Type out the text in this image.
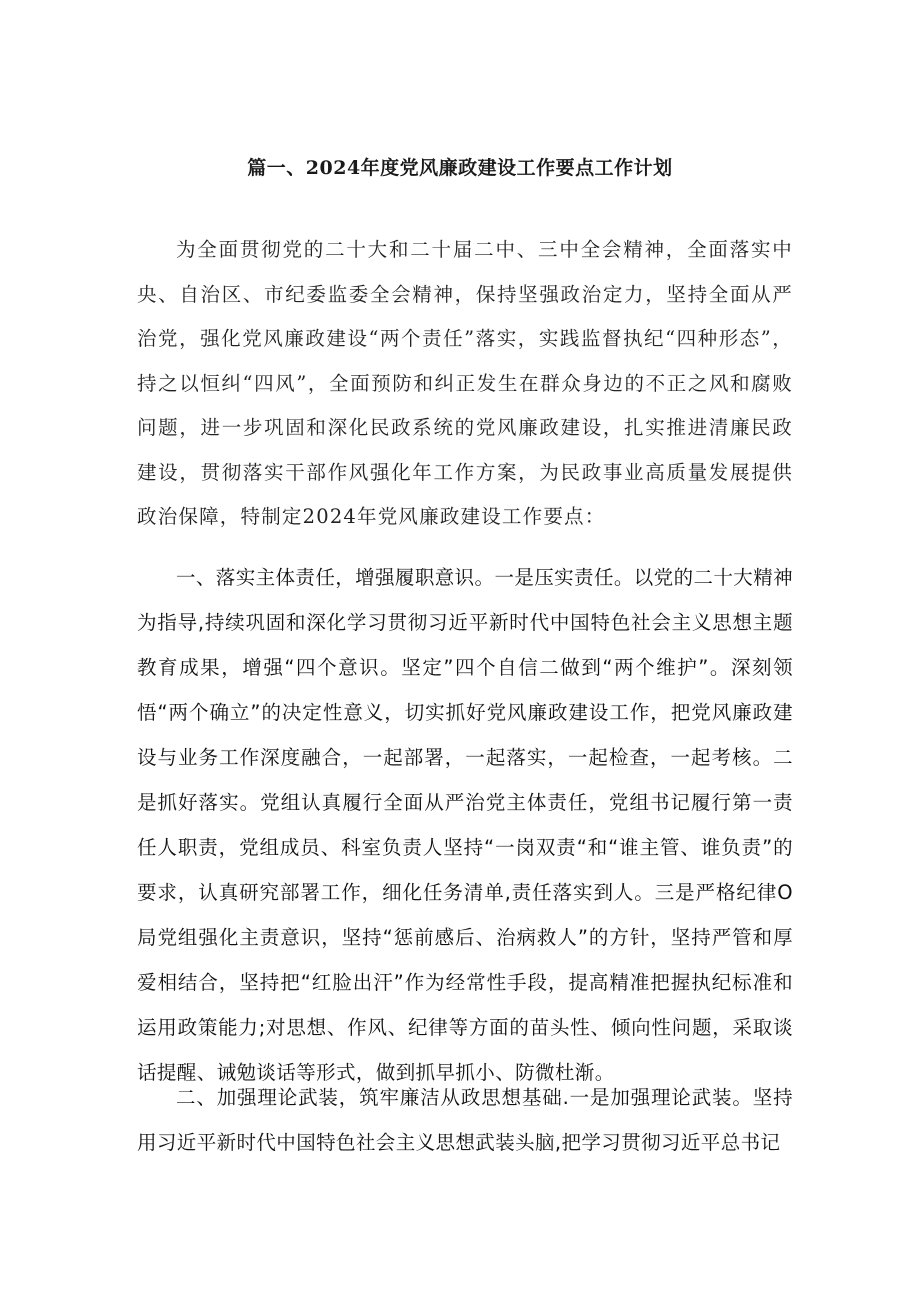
篇一、2024年度党风廉政建设工作要点工作计划

为全面贯彻党的二十大和二十届二中、三中全会精神，全面落实中央、自治区、市纪委监委全会精神，保持坚强政治定力，坚持全面从严治党，强化党风廉政建设“两个责任”落实，实践监督执纪“四种形态”，持之以恒纠“四风”，全面预防和纠正发生在群众身边的不正之风和腐败问题，进一步巩固和深化民政系统的党风廉政建设，扎实推进清廉民政建设，贯彻落实干部作风强化年工作方案，为民政事业高质量发展提供政治保障，特制定2024年党风廉政建设工作要点：

一、落实主体责任，增强履职意识。一是压实责任。以党的二十大精神为指导,持续巩固和深化学习贯彻习近平新时代中国特色社会主义思想主题教育成果，增强“四个意识。坚定”四个自信二做到“两个维护”。深刻领悟“两个确立”的决定性意义，切实抓好党风廉政建设工作，把党风廉政建设与业务工作深度融合，一起部署，一起落实，一起检查，一起考核。二是抓好落实。党组认真履行全面从严治党主体责任，党组书记履行第一责任人职责，党组成员、科室负责人坚持“一岗双责“和“谁主管、谁负责”的要求，认真研究部署工作，细化任务清单,责任落实到人。三是严格纪律O局党组强化主责意识，坚持“惩前感后、治病救人”的方针，坚持严管和厚爱相结合，坚持把“红脸出汗”作为经常性手段，提高精准把握执纪标准和运用政策能力;对思想、作风、纪律等方面的苗头性、倾向性问题，采取谈话提醒、诫勉谈话等形式，做到抓早抓小、防微杜渐。

二、加强理论武装，筑牢廉洁从政思想基础.一是加强理论武装。坚持用习近平新时代中国特色社会主义思想武装头脑,把学习贯彻习近平总书记
